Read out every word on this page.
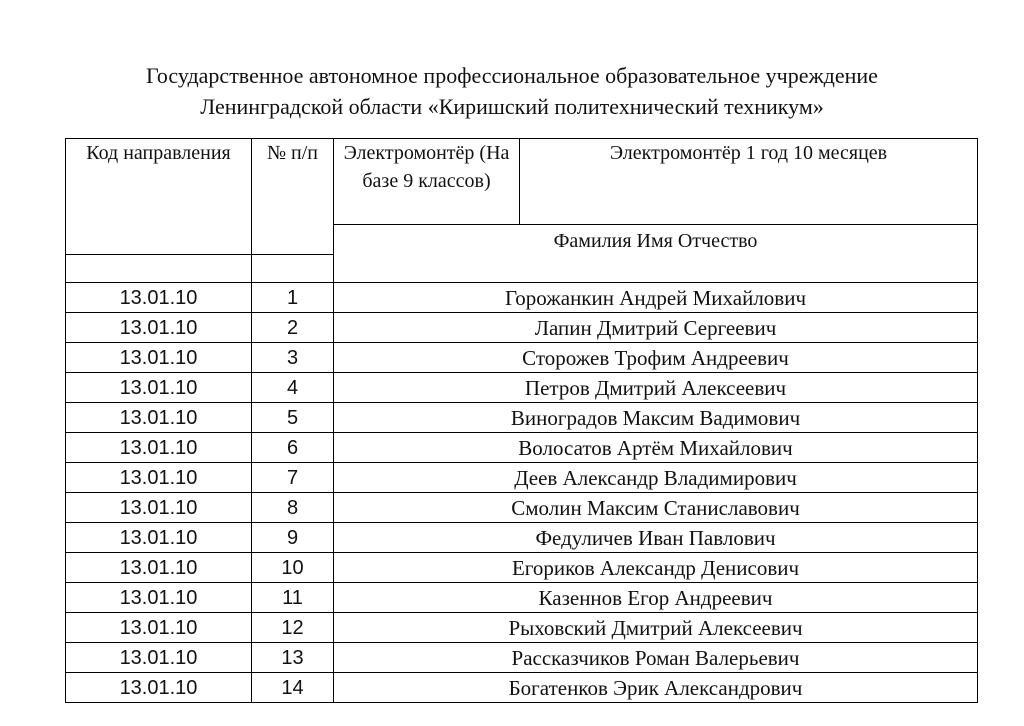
Государственное автономное профессиональное образовательное учреждение
Ленинградской области «Киришский политехнический техникум»
Код направления	№ п/п	Электромонтёр (На базе 9 классов)	Электромонтёр 1 год 10 месяцев
		Фамилия Имя Отчество	

13.01.10	1	Горожанкин Андрей Михайлович	
13.01.10	2	Лапин Дмитрий Сергеевич	
13.01.10	3	Сторожев Трофим Андреевич	
13.01.10	4	Петров Дмитрий Алексеевич	
13.01.10	5	Виноградов Максим Вадимович	
13.01.10	6	Волосатов Артём Михайлович	
13.01.10	7	Деев Александр Владимирович	
13.01.10	8	Смолин Максим Станиславович	
13.01.10	9	Федуличев Иван Павлович	
13.01.10	10	Егориков Александр Денисович	
13.01.10	11	Казеннов Егор Андреевич	
13.01.10	12	Рыховский Дмитрий Алексеевич	
13.01.10	13	Рассказчиков Роман Валерьевич	
13.01.10	14	Богатенков Эрик Александрович	
